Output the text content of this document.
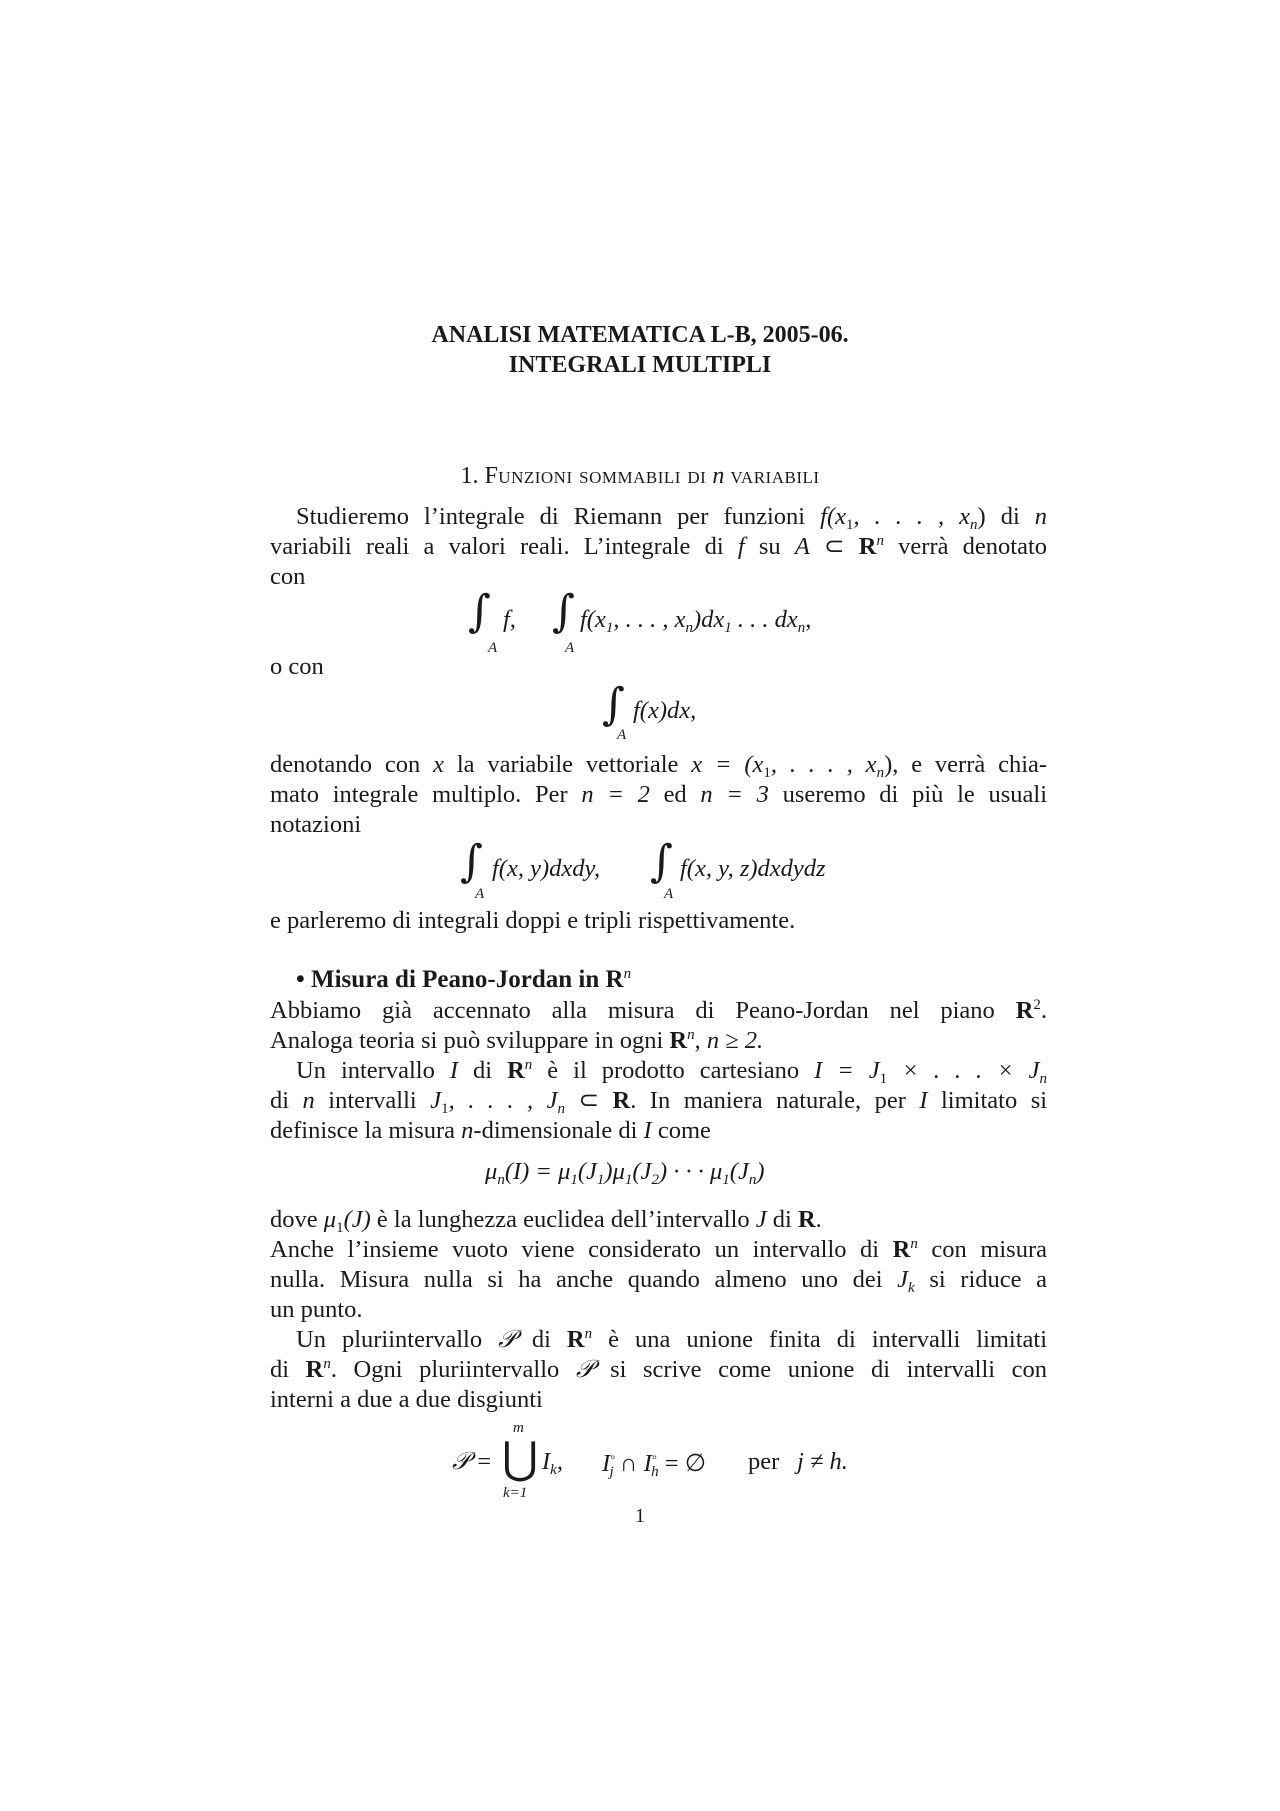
ANALISI MATEMATICA L-B, 2005-06.
INTEGRALI MULTIPLI
1. Funzioni sommabili di n variabili
Studieremo l’integrale di Riemann per funzioni $f(x_1$, . . . , $x_n$) di n
variabili reali a valori reali. L’integrale di f su A ⊂ $R^n$ verrà denotato
con
∫
A
f, ∫
A
$f(x_1$, . . . , $x_n)dx_1$ . . . $dx_n$,
o con
∫
A
f(x)dx,
denotando con x la variabile vettoriale $x = (x_1$, . . . , $x_n$), e verrà chia-
mato integrale multiplo. Per n = 2 ed n = 3 useremo di più le usuali
notazioni
∫
A
f(x, y)dxdy, ∫
A
f(x, y, z)dxdydz
e parleremo di integrali doppi e tripli rispettivamente.
• Misura di Peano-Jordan in $R^n$
Abbiamo già accennato alla misura di Peano-Jordan nel piano $R^2$.
Analoga teoria si può sviluppare in ogni $R^n$, n ≥ 2.
Un intervallo I di $R^n$ è il prodotto cartesiano $I = J_1$ × . . . × $J_n$
di n intervalli $J_1$, . . . , $J_n$ ⊂ R. In maniera naturale, per I limitato si
definisce la misura n-dimensionale di I come
$\mu_n(I) = \mu_1(J_1)\mu_1(J_2)$ · · · $\mu_1(J_n)$
dove $\mu_1(J)$ è la lunghezza euclidea dell’intervallo J di R.
Anche l’insieme vuoto viene considerato un intervallo di $R^n$ con misura
nulla. Misura nulla si ha anche quando almeno uno dei $J_k$ si riduce a
un punto.
Un pluriintervallo 𝒫 di $R^n$ è una unione finita di intervalli limitati
di $R^n$. Ogni pluriintervallo 𝒫 si scrive come unione di intervalli con
interni a due a due disgiunti
𝒫 =
m
⋃
k=1
$I_k$, $I^◦_j$ ∩ $I^◦_h$ = ∅ per j ≠ h.
1
